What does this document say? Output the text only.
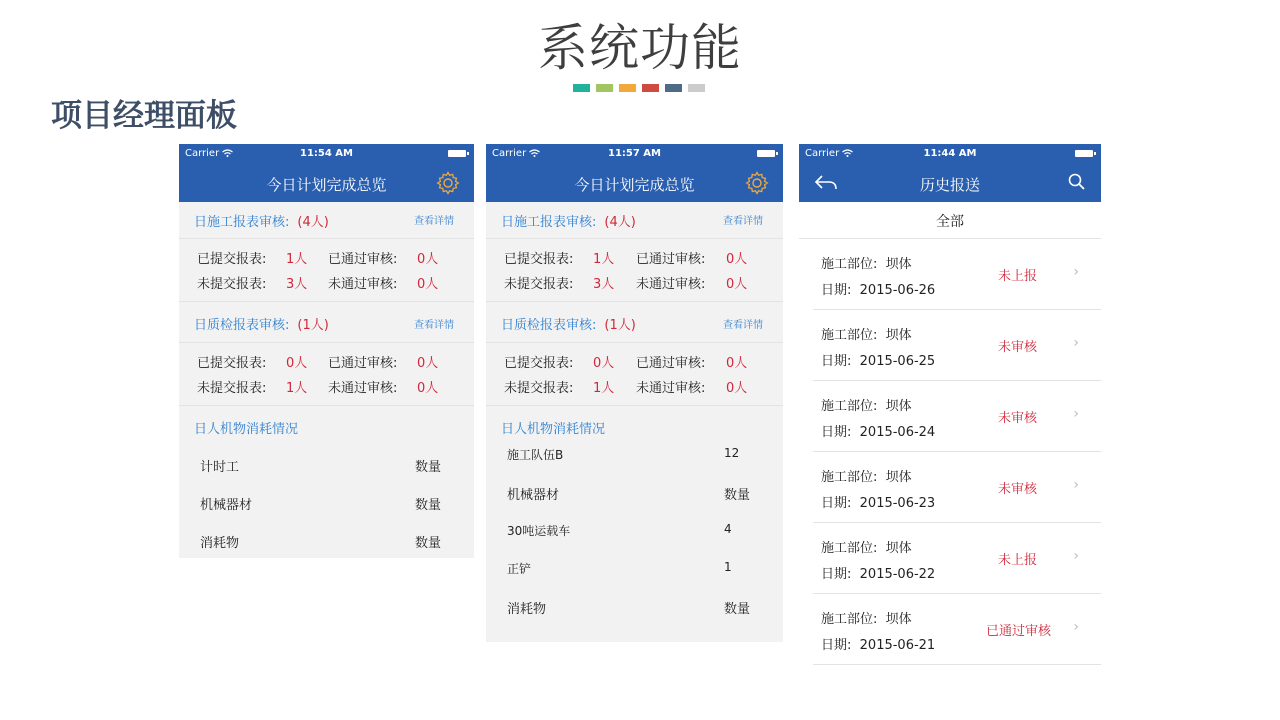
系统功能
项目经理面板
Carrier	11:54 AM
今日计划完成总览
日施工报表审核: (4人)	查看详情
已提交报表: 1人 已通过审核: 0人
未提交报表: 3人 未通过审核: 0人
日质检报表审核: (1人)	查看详情
已提交报表: 0人 已通过审核: 0人
未提交报表: 1人 未通过审核: 0人
日人机物消耗情况
计时工	数量
机械器材	数量
消耗物	数量
Carrier	11:57 AM
今日计划完成总览
日施工报表审核: (4人)	查看详情
已提交报表: 1人 已通过审核: 0人
未提交报表: 3人 未通过审核: 0人
日质检报表审核: (1人)	查看详情
已提交报表: 0人 已通过审核: 0人
未提交报表: 1人 未通过审核: 0人
日人机物消耗情况
施工队伍B	12
机械器材	数量
30吨运载车	4
正铲	1
消耗物	数量
Carrier	11:44 AM
历史报送
全部
施工部位: 坝体
日期: 2015-06-26
未上报	›
施工部位: 坝体
日期: 2015-06-25
未审核	›
施工部位: 坝体
日期: 2015-06-24
未审核	›
施工部位: 坝体
日期: 2015-06-23
未审核	›
施工部位: 坝体
日期: 2015-06-22
未上报	›
施工部位: 坝体
日期: 2015-06-21
已通过审核 ›
